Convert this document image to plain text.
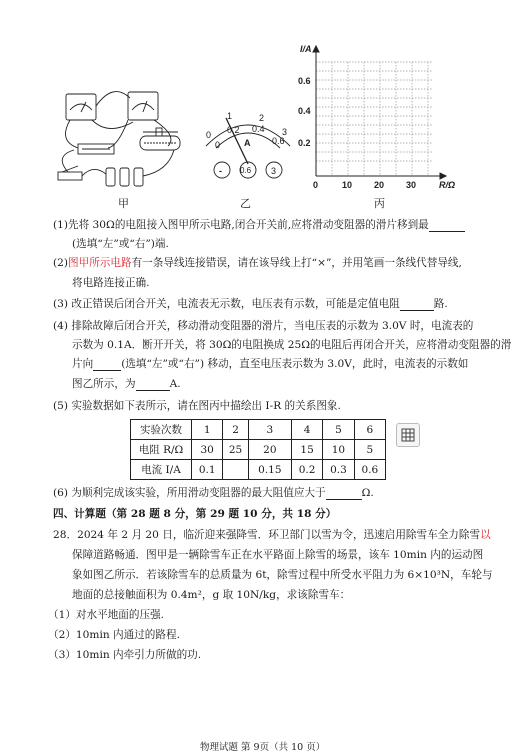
甲
0
1	2
3
0
0.2 0.4
0.6
A
- 0.6 3
乙
I/A
R/Ω
0.2
0.4
0.6
0	10 20 30
丙
(1)先将 30Ω的电阻接入图甲所示电路,闭合开关前,应将滑动变阻器的滑片移到最
(选填“左”或“右”)端.
(2)图甲所示电路有一条导线连接错误，请在该导线上打“×”，并用笔画一条线代替导线,
将电路连接正确.
(3) 改正错误后闭合开关，电流表无示数，电压表有示数，可能是定值电阻	路.
(4) 排除故障后闭合开关，移动滑动变阻器的滑片，当电压表的示数为 3.0V 时，电流表的
示数为 0.1A．断开开关，将 30Ω的电阻换成 25Ω的电阻后再闭合开关，应将滑动变阻器的滑
片向	(选填“左”或“右”) 移动，直至电压表示数为 3.0V，此时，电流表的示数如
图乙所示，为	A.
(5) 实验数据如下表所示，请在图丙中描绘出 I-R 的关系图象.
实验次数	1	2	3	4	5	6
电阻 R/Ω	30	25	20	15	10	5
电流 I/A	0.1		0.15	0.2	0.3	0.6
(6) 为顺利完成该实验，所用滑动变阻器的最大阻值应大于	Ω.
四、计算题（第 28 题 8 分，第 29 题 10 分，共 18 分）
28．2024 年 2 月 20 日，临沂迎来强降雪．环卫部门以雪为令，迅速启用除雪车全力除雪以
保障道路畅通．图甲是一辆除雪车正在水平路面上除雪的场景，该车 10min 内的运动图
象如图乙所示．若该除雪车的总质量为 6t，除雪过程中所受水平阻力为 6×10³N，车轮与
地面的总接触面积为 0.4m²，g 取 10N/kg，求该除雪车：
（1）对水平地面的压强.
（2）10min 内通过的路程.
（3）10min 内牵引力所做的功.
物理试题 第 9页（共 10 页）
